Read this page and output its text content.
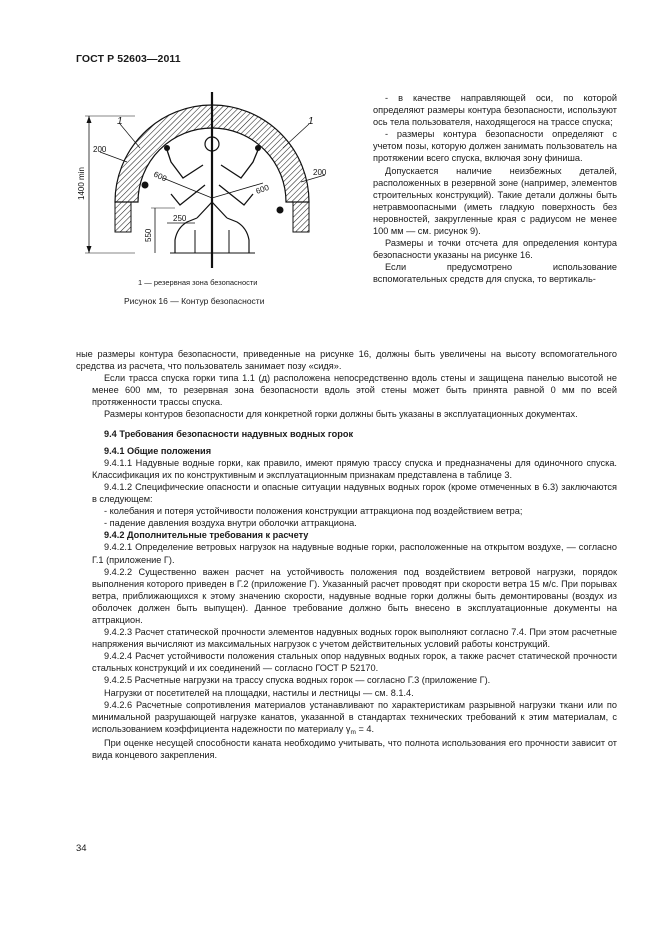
ГОСТ Р 52603—2011
1400 min
550
250
200
200
600
600
1	1
1 — резервная зона безопасности
Рисунок 16 — Контур безопасности

- в качестве направляющей оси, по которой определяют размеры контура безопасности, используют ось тела пользователя, находящегося на трассе спуска;

- размеры контура безопасности определяют с учетом позы, которую должен занимать пользователь на протяжении всего спуска, включая зону финиша.

Допускается наличие неизбежных деталей, расположенных в резервной зоне (например, элементов строительных конструкций). Такие детали должны быть нетравмоопасными (иметь гладкую поверхность без неровностей, закругленные края с радиусом не менее 100 мм — см. рисунок 9).

Размеры и точки отсчета для определения контура безопасности указаны на рисунке 16.

Если предусмотрено использование вспомогательных средств для спуска, то вертикаль-

ные размеры контура безопасности, приведенные на рисунке 16, должны быть увеличены на высоту вспомогательного средства из расчета, что пользователь занимает позу «сидя».

Если трасса спуска горки типа 1.1 (д) расположена непосредственно вдоль стены и защищена панелью высотой не менее 600 мм, то резервная зона безопасности вдоль этой стены может быть принята равной 0 мм по всей протяженности трассы спуска.

Размеры контуров безопасности для конкретной горки должны быть указаны в эксплуатационных документах.

9.4 Требования безопасности надувных водных горок

9.4.1 Общие положения

9.4.1.1 Надувные водные горки, как правило, имеют прямую трассу спуска и предназначены для одиночного спуска. Классификация их по конструктивным и эксплуатационным признакам представлена в таблице 3.

9.4.1.2 Специфические опасности и опасные ситуации надувных водных горок (кроме отмеченных в 6.3) заключаются в следующем:

- колебания и потеря устойчивости положения конструкции аттракциона под воздействием ветра;

- падение давления воздуха внутри оболочки аттракциона.

9.4.2 Дополнительные требования к расчету

9.4.2.1 Определение ветровых нагрузок на надувные водные горки, расположенные на открытом воздухе, — согласно Г.1 (приложение Г).

9.4.2.2 Существенно важен расчет на устойчивость положения под воздействием ветровой нагрузки, порядок выполнения которого приведен в Г.2 (приложение Г). Указанный расчет проводят при скорости ветра 15 м/с. При порывах ветра, приближающихся к этому значению скорости, надувные водные горки должны быть демонтированы (воздух из оболочек должен быть выпущен). Данное требование должно быть внесено в эксплуатационные документы на аттракцион.

9.4.2.3 Расчет статической прочности элементов надувных водных горок выполняют согласно 7.4. При этом расчетные напряжения вычисляют из максимальных нагрузок с учетом действительных условий работы конструкций.

9.4.2.4 Расчет устойчивости положения стальных опор надувных водных горок, а также расчет статической прочности стальных конструкций и их соединений — согласно ГОСТ Р 52170.

9.4.2.5 Расчетные нагрузки на трассу спуска водных горок — согласно Г.3 (приложение Г).

Нагрузки от посетителей на площадки, настилы и лестницы — см. 8.1.4.

9.4.2.6 Расчетные сопротивления материалов устанавливают по характеристикам разрывной нагрузки ткани или по минимальной разрушающей нагрузке канатов, указанной в стандартах технических требований к этим материалам, с использованием коэффициента надежности по материалу $\gamma_m = 4$.

При оценке несущей способности каната необходимо учитывать, что полнота использования его прочности зависит от вида концевого закрепления.

34
